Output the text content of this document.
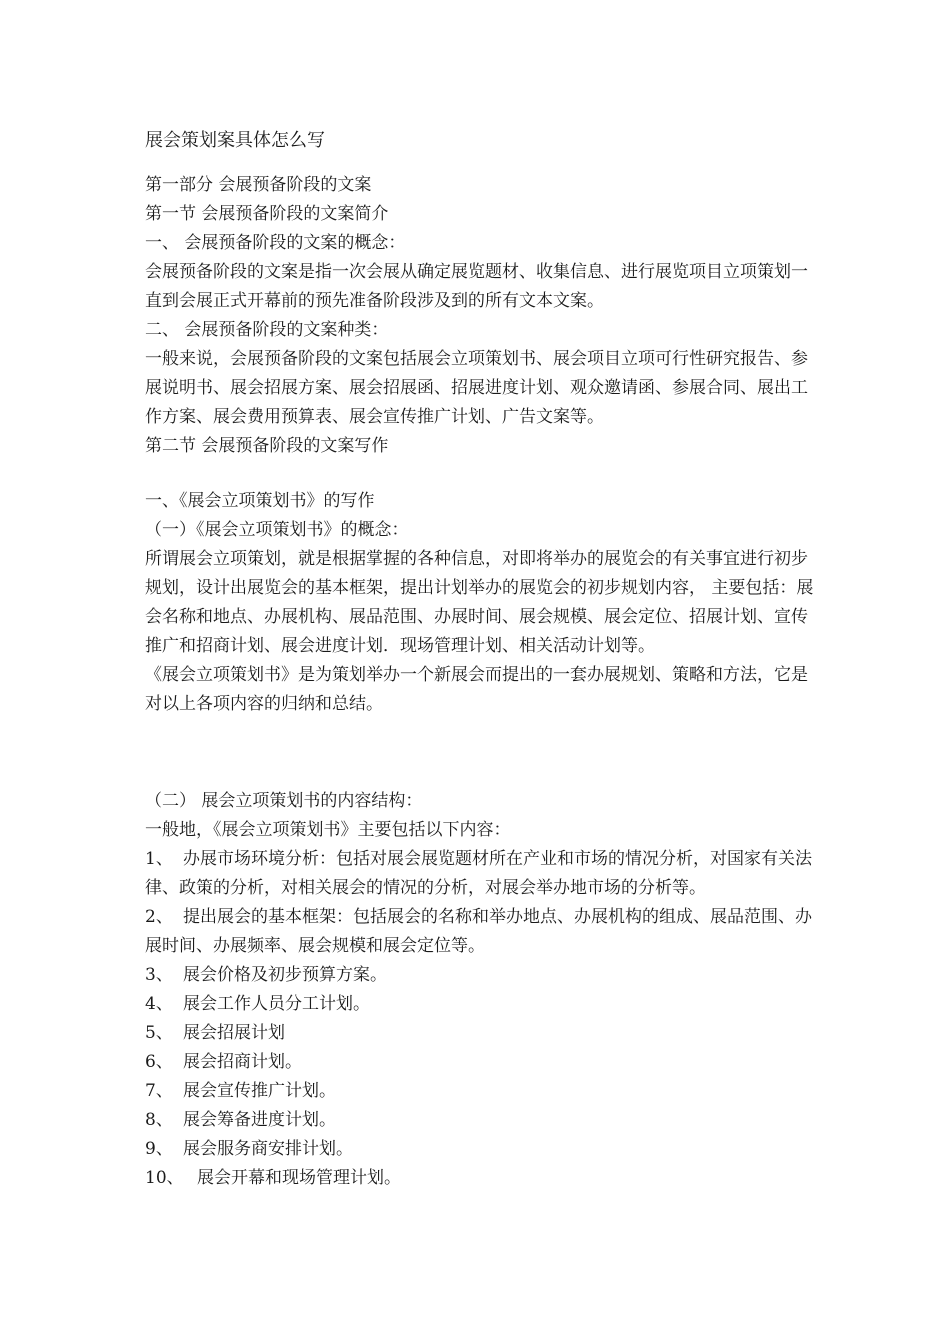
展会策划案具体怎么写

第一部分 会展预备阶段的文案

第一节 会展预备阶段的文案简介

一、 会展预备阶段的文案的概念：

会展预备阶段的文案是指一次会展从确定展览题材、收集信息、进行展览项目立项策划一直到会展正式开幕前的预先准备阶段涉及到的所有文本文案。

二、 会展预备阶段的文案种类：

一般来说，会展预备阶段的文案包括展会立项策划书、展会项目立项可行性研究报告、参展说明书、展会招展方案、展会招展函、招展进度计划、观众邀请函、参展合同、展出工作方案、展会费用预算表、展会宣传推广计划、广告文案等。

第二节 会展预备阶段的文案写作

一、《展会立项策划书》的写作

（一）《展会立项策划书》的概念：

所谓展会立项策划，就是根据掌握的各种信息，对即将举办的展览会的有关事宜进行初步规划，设计出展览会的基本框架，提出计划举办的展览会的初步规划内容， 主要包括：展会名称和地点、办展机构、展品范围、办展时间、展会规模、展会定位、招展计划、宣传推广和招商计划、展会进度计划．现场管理计划、相关活动计划等。

《展会立项策划书》是为策划举办一个新展会而提出的一套办展规划、策略和方法，它是对以上各项内容的归纳和总结。

（二） 展会立项策划书的内容结构：

一般地，《展会立项策划书》主要包括以下内容：

1、 办展市场环境分析：包括对展会展览题材所在产业和市场的情况分析，对国家有关法律、政策的分析，对相关展会的情况的分析，对展会举办地市场的分析等。

2、 提出展会的基本框架：包括展会的名称和举办地点、办展机构的组成、展品范围、办展时间、办展频率、展会规模和展会定位等。

3、 展会价格及初步预算方案。

4、 展会工作人员分工计划。

5、 展会招展计划

6、 展会招商计划。

7、 展会宣传推广计划。

8、 展会筹备进度计划。

9、 展会服务商安排计划。

10、 展会开幕和现场管理计划。
